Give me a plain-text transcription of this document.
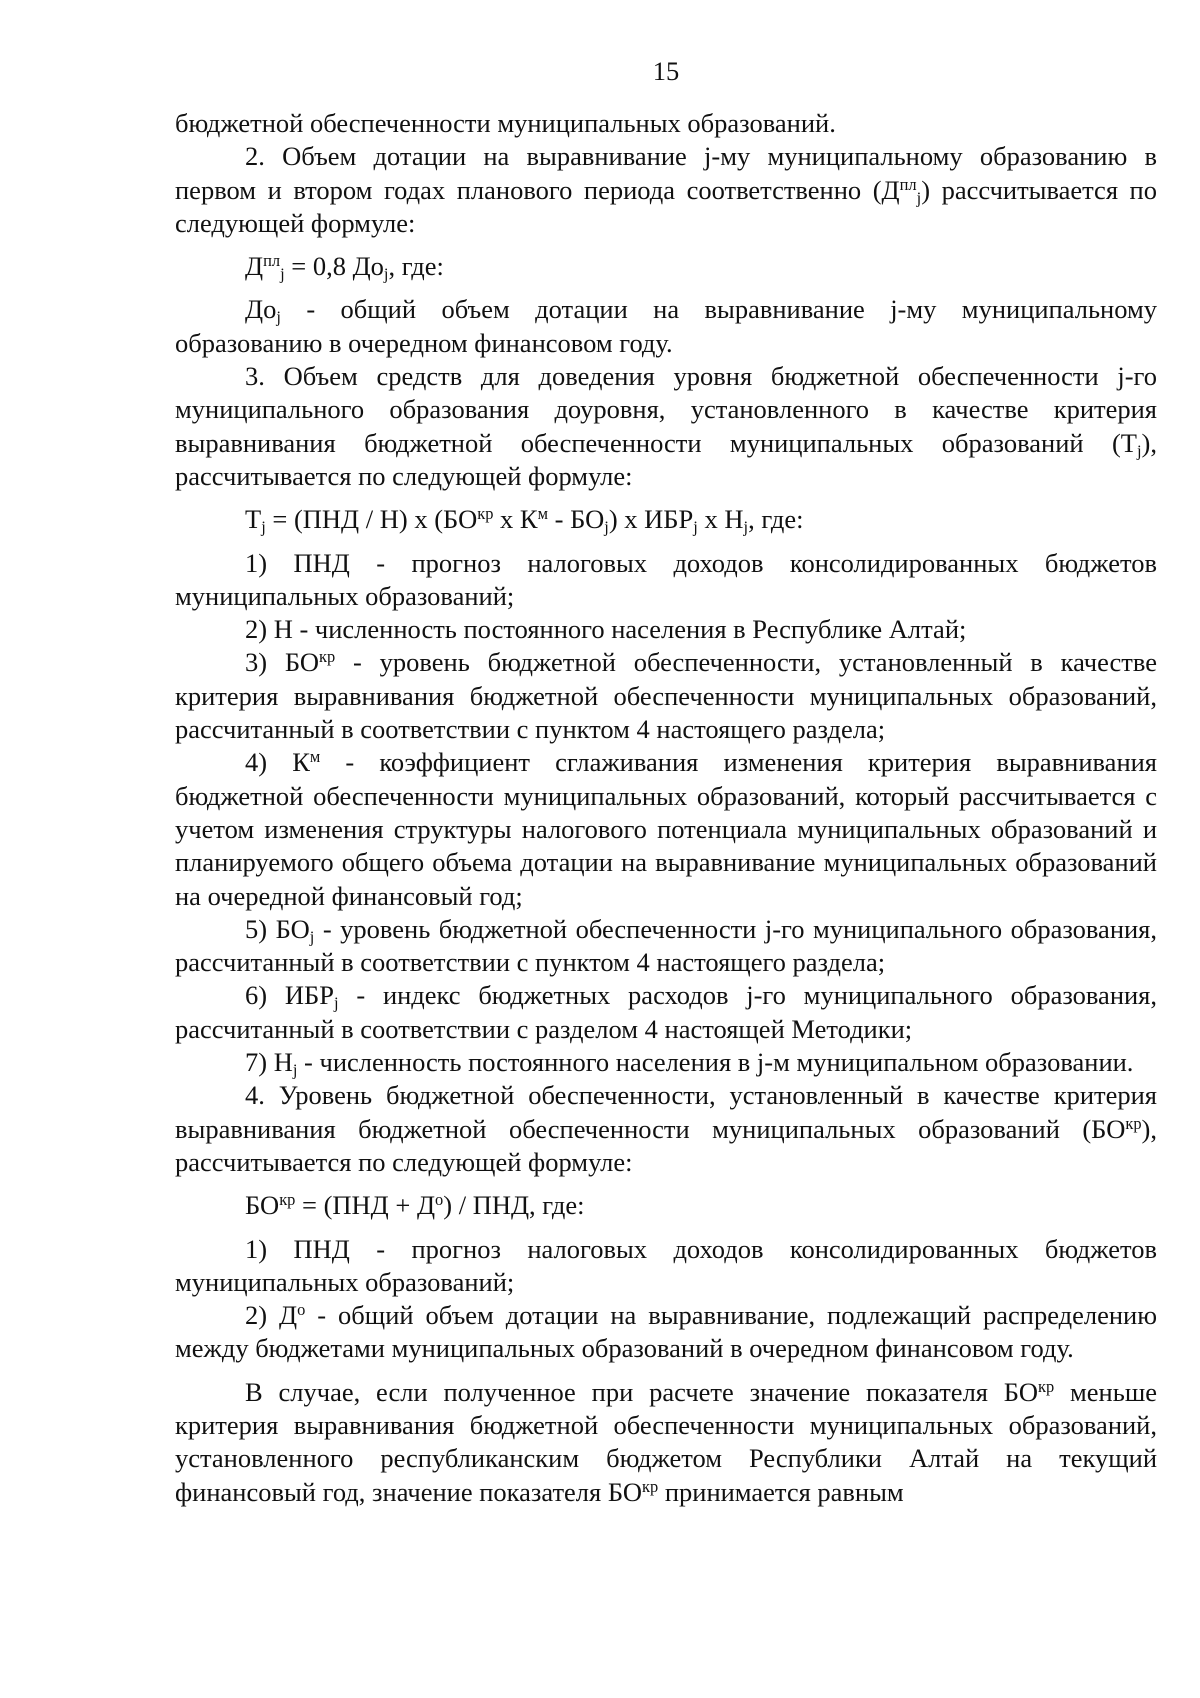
15

бюджетной обеспеченности муниципальных образований.

2. Объем дотации на выравнивание j-му муниципальному образованию в первом и втором годах планового периода соответственно $(Д^{пл}_j)$ рассчитывается по следующей формуле:

$Д^{пл}_j = 0,8$ $До_j$, где:

$До_j$ - общий объем дотации на выравнивание j-му муниципальному образованию в очередном финансовом году.

3. Объем средств для доведения уровня бюджетной обеспеченности j-го муниципального образования доуровня, установленного в качестве критерия выравнивания бюджетной обеспеченности муниципальных образований $(T_j)$, рассчитывается по следующей формуле:

$T_j = (ПНД / Н)$ х ($БО^{кр}$ х $К^м - БО_j$) х $ИБР_j$ х $Н_j$, где:

1) ПНД - прогноз налоговых доходов консолидированных бюджетов муниципальных образований;

2) Н - численность постоянного населения в Республике Алтай;

3) $БО^{кр}$ - уровень бюджетной обеспеченности, установленный в качестве критерия выравнивания бюджетной обеспеченности муниципальных образований, рассчитанный в соответствии с пунктом 4 настоящего раздела;

4) $К^м$ - коэффициент сглаживания изменения критерия выравнивания бюджетной обеспеченности муниципальных образований, который рассчитывается с учетом изменения структуры налогового потенциала муниципальных образований и планируемого общего объема дотации на выравнивание муниципальных образований на очередной финансовый год;

5) $БО_j$ - уровень бюджетной обеспеченности j-го муниципального образования, рассчитанный в соответствии с пунктом 4 настоящего раздела;

6) $ИБР_j$ - индекс бюджетных расходов j-го муниципального образования, рассчитанный в соответствии с разделом 4 настоящей Методики;

7) $Н_j$ - численность постоянного населения в j-м муниципальном образовании.

4. Уровень бюджетной обеспеченности, установленный в качестве критерия выравнивания бюджетной обеспеченности муниципальных образований $(БО^{кр})$, рассчитывается по следующей формуле:

$БО^{кр} = (ПНД + Д^о)$ / ПНД, где:

1) ПНД - прогноз налоговых доходов консолидированных бюджетов муниципальных образований;

2) $Д^о$ - общий объем дотации на выравнивание, подлежащий распределению между бюджетами муниципальных образований в очередном финансовом году.

В случае, если полученное при расчете значение показателя $БО^{кр}$ меньше критерия выравнивания бюджетной обеспеченности муниципальных образований, установленного республиканским бюджетом Республики Алтай на текущий финансовый год, значение показателя $БО^{кр}$ принимается равным
